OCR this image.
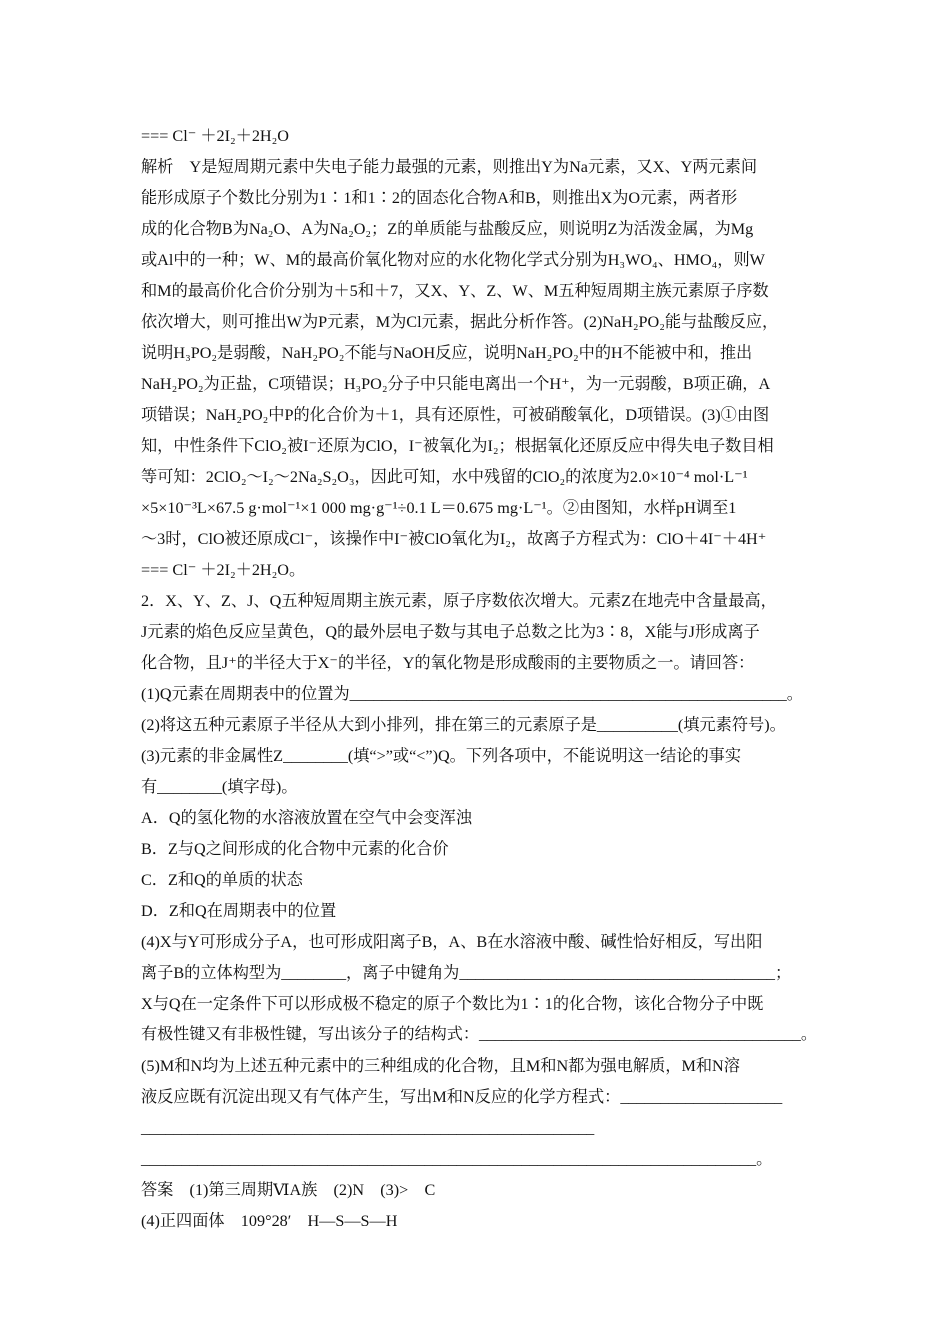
=== Cl⁻ ＋2I₂＋2H₂O
解析　Y是短周期元素中失电子能力最强的元素，则推出Y为Na元素，又X、Y两元素间
能形成原子个数比分别为1∶1和1∶2的固态化合物A和B，则推出X为O元素，两者形
成的化合物B为Na₂O、A为Na₂O₂；Z的单质能与盐酸反应，则说明Z为活泼金属，为Mg
或Al中的一种；W、M的最高价氧化物对应的水化物化学式分别为H₃WO₄、HMO₄，则W
和M的最高价化合价分别为＋5和＋7，又X、Y、Z、W、M五种短周期主族元素原子序数
依次增大，则可推出W为P元素，M为Cl元素，据此分析作答。(2)NaH₂PO₂能与盐酸反应，
说明H₃PO₂是弱酸，NaH₂PO₂不能与NaOH反应，说明NaH₂PO₂中的H不能被中和，推出
NaH₂PO₂为正盐，C项错误；H₃PO₂分子中只能电离出一个H⁺，为一元弱酸，B项正确，A
项错误；NaH₂PO₂中P的化合价为＋1，具有还原性，可被硝酸氧化，D项错误。(3)①由图
知，中性条件下ClO₂被I⁻还原为ClO，I⁻被氧化为I₂；根据氧化还原反应中得失电子数目相
等可知：2ClO₂～I₂～2Na₂S₂O₃，因此可知，水中残留的ClO₂的浓度为2.0×10⁻⁴ mol·L⁻¹
×5×10⁻³L×67.5 g·mol⁻¹×1 000 mg·g⁻¹÷0.1 L＝0.675 mg·L⁻¹。②由图知，水样pH调至1
～3时，ClO被还原成Cl⁻，该操作中I⁻被ClO氧化为I₂，故离子方程式为：ClO＋4I⁻＋4H⁺
=== Cl⁻ ＋2I₂＋2H₂O。
2．X、Y、Z、J、Q五种短周期主族元素，原子序数依次增大。元素Z在地壳中含量最高，
J元素的焰色反应呈黄色，Q的最外层电子数与其电子总数之比为3∶8，X能与J形成离子
化合物，且J⁺的半径大于X⁻的半径，Y的氧化物是形成酸雨的主要物质之一。请回答：
(1)Q元素在周期表中的位置为______________________________________________________。
(2)将这五种元素原子半径从大到小排列，排在第三的元素原子是__________(填元素符号)。
(3)元素的非金属性Z________(填“>”或“<”)Q。下列各项中，不能说明这一结论的事实
有________(填字母)。
A．Q的氢化物的水溶液放置在空气中会变浑浊
B．Z与Q之间形成的化合物中元素的化合价
C．Z和Q的单质的状态
D．Z和Q在周期表中的位置
(4)X与Y可形成分子A，也可形成阳离子B，A、B在水溶液中酸、碱性恰好相反，写出阳
离子B的立体构型为________，离子中键角为_______________________________________；
X与Q在一定条件下可以形成极不稳定的原子个数比为1∶1的化合物，该化合物分子中既
有极性键又有非极性键，写出该分子的结构式：________________________________________。
(5)M和N均为上述五种元素中的三种组成的化合物，且M和N都为强电解质，M和N溶
液反应既有沉淀出现又有气体产生，写出M和N反应的化学方程式：____________________
________________________________________________________
____________________________________________________________________________。
答案　(1)第三周期ⅥA族　(2)N　(3)>　C
(4)正四面体　109°28′　H—S—S—H
